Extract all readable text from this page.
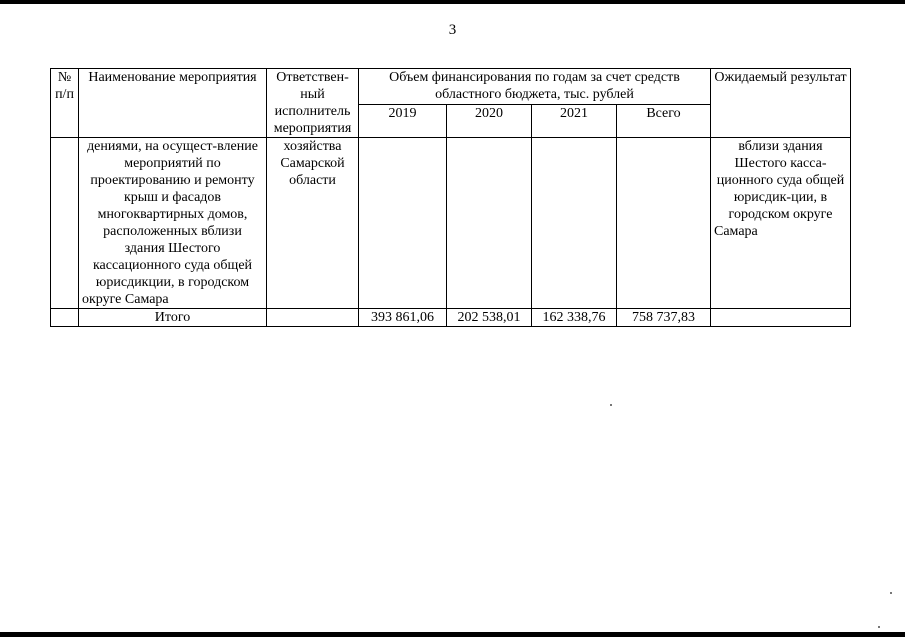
3
№ п/п	Наименование мероприятия	Ответствен-ный исполнитель мероприятия	Объем финансирования по годам за счет средств областного бюджета, тыс. рублей				Ожидаемый результат

			2019	2020	2021	Всего	
	дениями, на осущест-вление мероприятий по проектированию и ремонту крыш и фасадов многоквартирных домов, расположенных вблизи здания Шестого кассационного суда общей юрисдикции, в городском округе Самара	хозяйства Самарской области					вблизи здания Шестого касса-ционного суда общей юрисдик-ции, в городском округе Самара
	Итого		393 861,06	202 538,01	162 338,76	758 737,83	
